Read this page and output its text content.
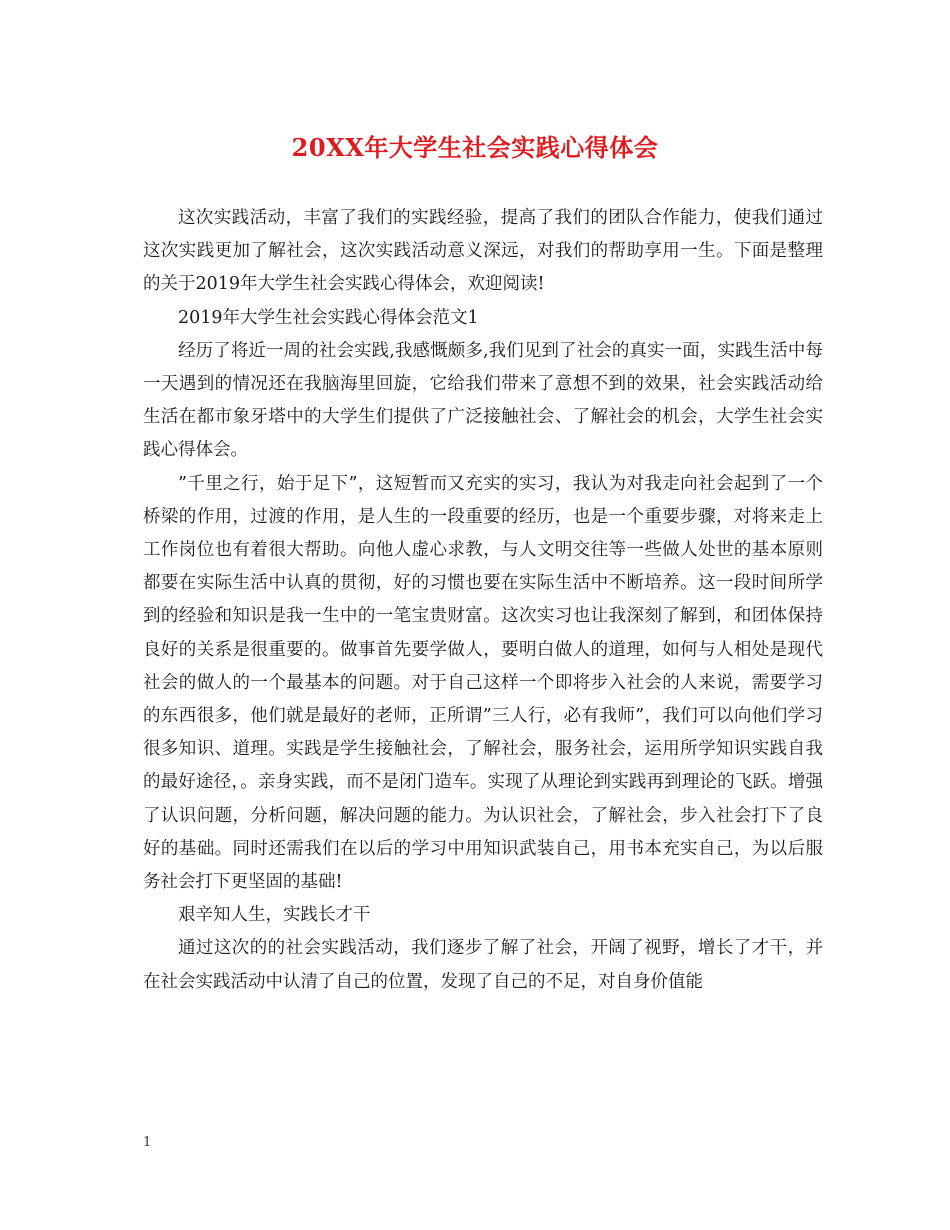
20XX年大学生社会实践心得体会

这次实践活动，丰富了我们的实践经验，提高了我们的团队合作能力，使我们通过这次实践更加了解社会，这次实践活动意义深远，对我们的帮助享用一生。下面是整理的关于2019年大学生社会实践心得体会，欢迎阅读!

2019年大学生社会实践心得体会范文1

经历了将近一周的社会实践,我感慨颇多,我们见到了社会的真实一面，实践生活中每一天遇到的情况还在我脑海里回旋，它给我们带来了意想不到的效果，社会实践活动给生活在都市象牙塔中的大学生们提供了广泛接触社会、了解社会的机会，大学生社会实践心得体会。

”千里之行，始于足下”，这短暂而又充实的实习，我认为对我走向社会起到了一个桥梁的作用，过渡的作用，是人生的一段重要的经历，也是一个重要步骤，对将来走上工作岗位也有着很大帮助。向他人虚心求教，与人文明交往等一些做人处世的基本原则都要在实际生活中认真的贯彻，好的习惯也要在实际生活中不断培养。这一段时间所学到的经验和知识是我一生中的一笔宝贵财富。这次实习也让我深刻了解到，和团体保持良好的关系是很重要的。做事首先要学做人，要明白做人的道理，如何与人相处是现代社会的做人的一个最基本的问题。对于自己这样一个即将步入社会的人来说，需要学习的东西很多，他们就是最好的老师，正所谓”三人行，必有我师”，我们可以向他们学习很多知识、道理。实践是学生接触社会，了解社会，服务社会，运用所学知识实践自我的最好途径，。亲身实践，而不是闭门造车。实现了从理论到实践再到理论的飞跃。增强了认识问题，分析问题，解决问题的能力。为认识社会，了解社会，步入社会打下了良好的基础。同时还需我们在以后的学习中用知识武装自己，用书本充实自己，为以后服务社会打下更坚固的基础!

艰辛知人生，实践长才干

通过这次的的社会实践活动，我们逐步了解了社会，开阔了视野，增长了才干，并在社会实践活动中认清了自己的位置，发现了自己的不足，对自身价值能

1
